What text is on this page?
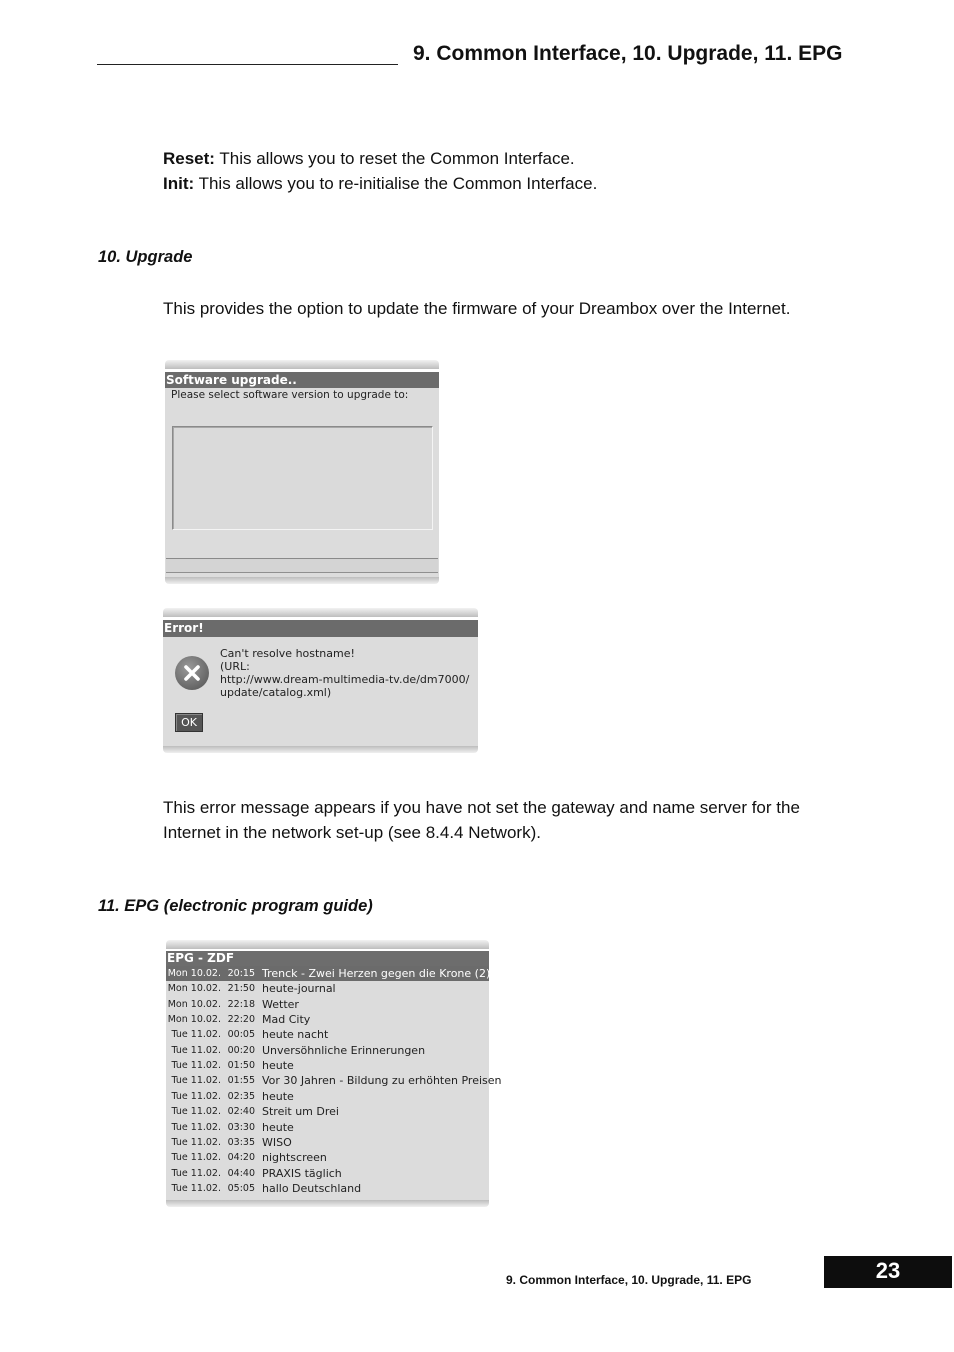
9. Common Interface, 10. Upgrade, 11. EPG
Reset: This allows you to reset the Common Interface.
Init: This allows you to re-initialise the Common Interface.
10. Upgrade
This provides the option to update the firmware of your Dreambox over the Internet.
Software upgrade..
Please select software version to upgrade to:
Error!
Can't resolve hostname!
(URL:
http://www.dream-multimedia-tv.de/dm7000/
update/catalog.xml)
OK
This error message appears if you have not set the gateway and name server for the Internet in the network set-up (see 8.4.4 Network).
11. EPG (electronic program guide)
EPG - ZDF
Mon 10.02. 20:15 Trenck - Zwei Herzen gegen die Krone (2)
Mon 10.02. 21:50 heute-journal
Mon 10.02. 22:18 Wetter
Mon 10.02. 22:20 Mad City
Tue 11.02. 00:05 heute nacht
Tue 11.02. 00:20 Unversöhnliche Erinnerungen
Tue 11.02. 01:50 heute
Tue 11.02. 01:55 Vor 30 Jahren - Bildung zu erhöhten Preisen
Tue 11.02. 02:35 heute
Tue 11.02. 02:40 Streit um Drei
Tue 11.02. 03:30 heute
Tue 11.02. 03:35 WISO
Tue 11.02. 04:20 nightscreen
Tue 11.02. 04:40 PRAXIS täglich
Tue 11.02. 05:05 hallo Deutschland
9. Common Interface, 10. Upgrade, 11. EPG	23
